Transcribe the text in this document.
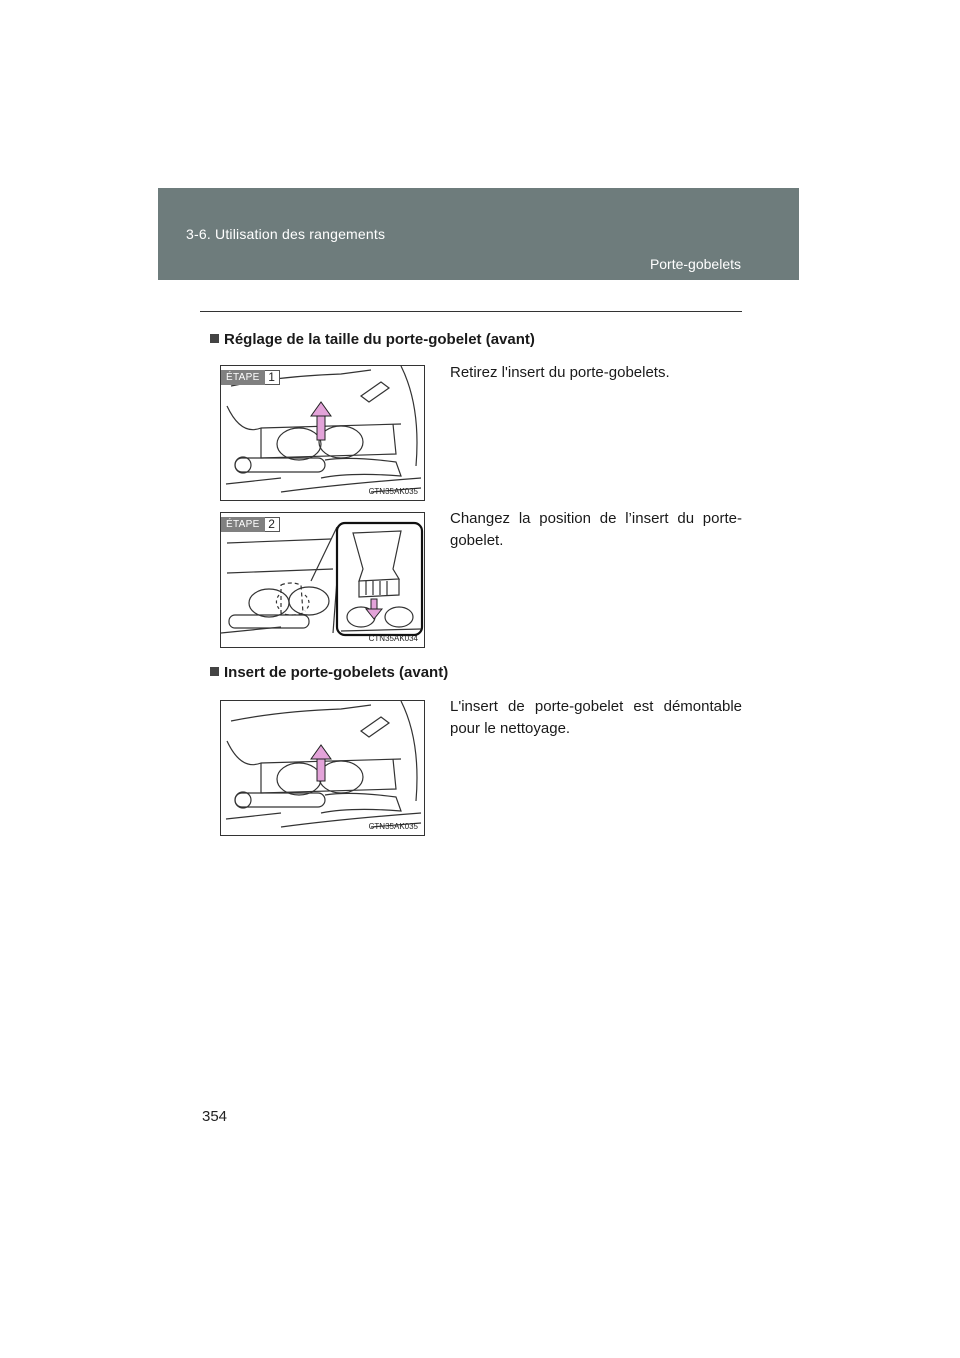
3-6. Utilisation des rangements
Porte-gobelets
Réglage de la taille du porte-gobelet (avant)
ÉTAPE 1
CTN35AK035
Retirez l'insert du porte-gobelets.
ÉTAPE 2
CTN35AK034
Changez la position de l’insert du porte-gobelet.
Insert de porte-gobelets (avant)
CTN35AK035
L'insert de porte-gobelet est démontable pour le nettoyage.
354
